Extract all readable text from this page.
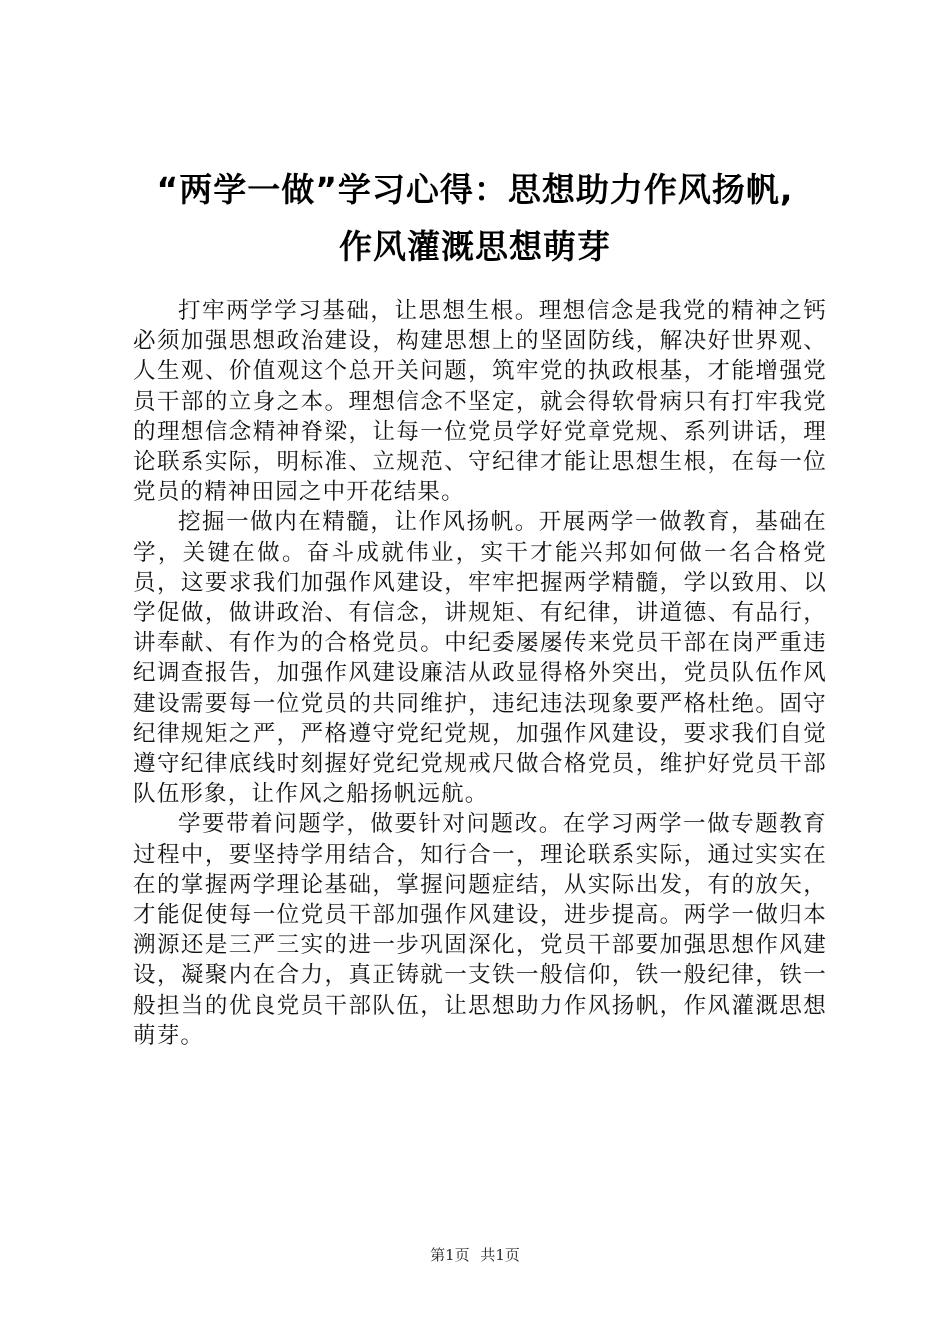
“两学一做”学习心得：思想助力作风扬帆,
作风灌溉思想萌芽

打牢两学学习基础，让思想生根。理想信念是我党的精神之钙必须加强思想政治建设，构建思想上的坚固防线，解决好世界观、人生观、价值观这个总开关问题，筑牢党的执政根基，才能增强党员干部的立身之本。理想信念不坚定，就会得软骨病只有打牢我党的理想信念精神脊梁，让每一位党员学好党章党规、系列讲话，理论联系实际，明标准、立规范、守纪律才能让思想生根，在每一位党员的精神田园之中开花结果。

挖掘一做内在精髓，让作风扬帆。开展两学一做教育，基础在学，关键在做。奋斗成就伟业，实干才能兴邦如何做一名合格党员，这要求我们加强作风建设，牢牢把握两学精髓，学以致用、以学促做，做讲政治、有信念，讲规矩、有纪律，讲道德、有品行，讲奉献、有作为的合格党员。中纪委屡屡传来党员干部在岗严重违纪调查报告，加强作风建设廉洁从政显得格外突出，党员队伍作风建设需要每一位党员的共同维护，违纪违法现象要严格杜绝。固守纪律规矩之严，严格遵守党纪党规，加强作风建设，要求我们自觉遵守纪律底线时刻握好党纪党规戒尺做合格党员，维护好党员干部队伍形象，让作风之船扬帆远航。

学要带着问题学，做要针对问题改。在学习两学一做专题教育过程中，要坚持学用结合，知行合一，理论联系实际，通过实实在在的掌握两学理论基础，掌握问题症结，从实际出发，有的放矢，才能促使每一位党员干部加强作风建设，进步提高。两学一做归本溯源还是三严三实的进一步巩固深化，党员干部要加强思想作风建设，凝聚内在合力，真正铸就一支铁一般信仰，铁一般纪律，铁一般担当的优良党员干部队伍，让思想助力作风扬帆，作风灌溉思想萌芽。

第1页 共1页
